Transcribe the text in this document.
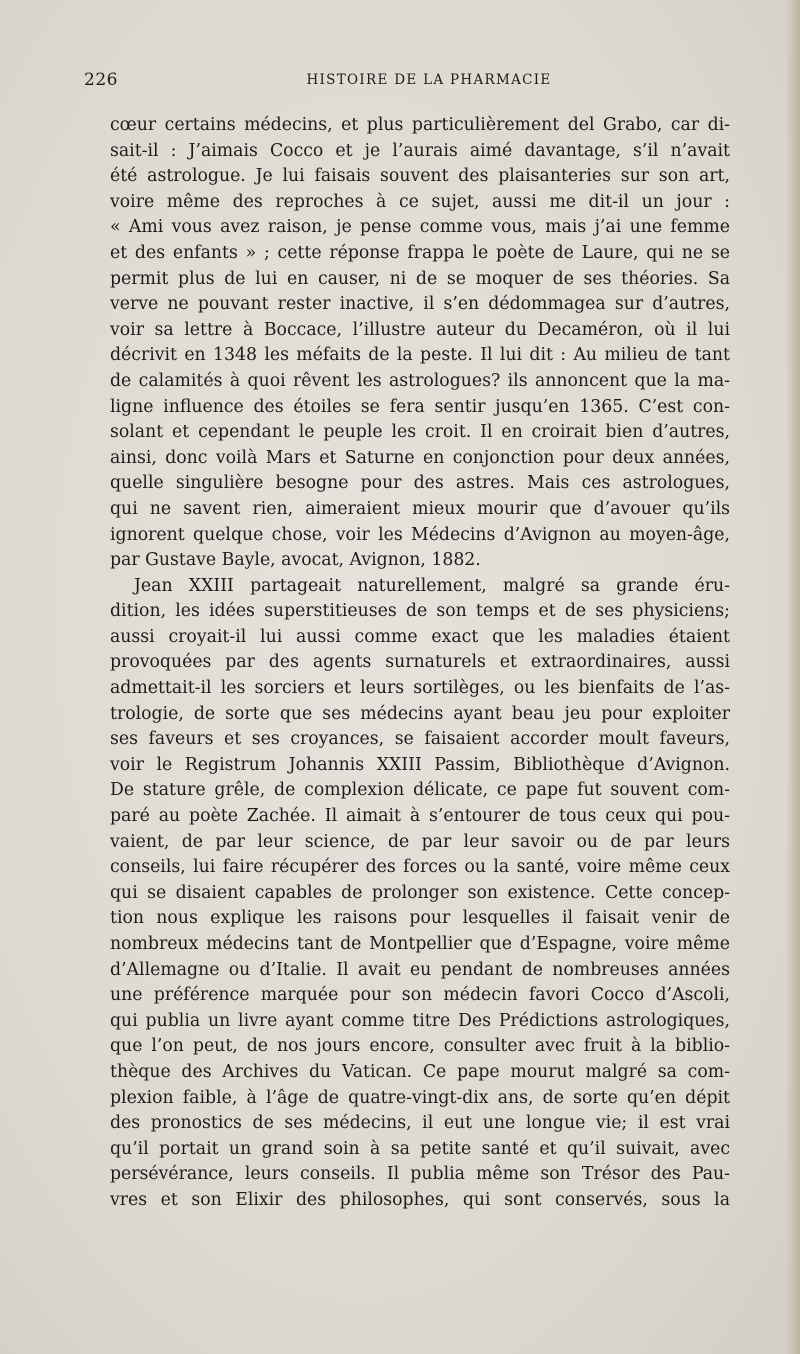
226	HISTOIRE DE LA PHARMACIE
cœur certains médecins, et plus particulièrement del Grabo, car di-
sait-il : J’aimais Cocco et je l’aurais aimé davantage, s’il n’avait
été astrologue. Je lui faisais souvent des plaisanteries sur son art,
voire même des reproches à ce sujet, aussi me dit-il un jour :
« Ami vous avez raison, je pense comme vous, mais j’ai une femme
et des enfants » ; cette réponse frappa le poète de Laure, qui ne se
permit plus de lui en causer, ni de se moquer de ses théories. Sa
verve ne pouvant rester inactive, il s’en dédommagea sur d’autres,
voir sa lettre à Boccace, l’illustre auteur du Decaméron, où il lui
décrivit en 1348 les méfaits de la peste. Il lui dit : Au milieu de tant
de calamités à quoi rêvent les astrologues? ils annoncent que la ma-
ligne influence des étoiles se fera sentir jusqu’en 1365. C’est con-
solant et cependant le peuple les croit. Il en croirait bien d’autres,
ainsi, donc voilà Mars et Saturne en conjonction pour deux années,
quelle singulière besogne pour des astres. Mais ces astrologues,
qui ne savent rien, aimeraient mieux mourir que d’avouer qu’ils
ignorent quelque chose, voir les Médecins d’Avignon au moyen-âge,
par Gustave Bayle, avocat, Avignon, 1882.
Jean XXIII partageait naturellement, malgré sa grande éru-
dition, les idées superstitieuses de son temps et de ses physiciens;
aussi croyait-il lui aussi comme exact que les maladies étaient
provoquées par des agents surnaturels et extraordinaires, aussi
admettait-il les sorciers et leurs sortilèges, ou les bienfaits de l’as-
trologie, de sorte que ses médecins ayant beau jeu pour exploiter
ses faveurs et ses croyances, se faisaient accorder moult faveurs,
voir le Registrum Johannis XXIII Passim, Bibliothèque d’Avignon.
De stature grêle, de complexion délicate, ce pape fut souvent com-
paré au poète Zachée. Il aimait à s’entourer de tous ceux qui pou-
vaient, de par leur science, de par leur savoir ou de par leurs
conseils, lui faire récupérer des forces ou la santé, voire même ceux
qui se disaient capables de prolonger son existence. Cette concep-
tion nous explique les raisons pour lesquelles il faisait venir de
nombreux médecins tant de Montpellier que d’Espagne, voire même
d’Allemagne ou d’Italie. Il avait eu pendant de nombreuses années
une préférence marquée pour son médecin favori Cocco d’Ascoli,
qui publia un livre ayant comme titre Des Prédictions astrologiques,
que l’on peut, de nos jours encore, consulter avec fruit à la biblio-
thèque des Archives du Vatican. Ce pape mourut malgré sa com-
plexion faible, à l’âge de quatre-vingt-dix ans, de sorte qu’en dépit
des pronostics de ses médecins, il eut une longue vie; il est vrai
qu’il portait un grand soin à sa petite santé et qu’il suivait, avec
persévérance, leurs conseils. Il publia même son Trésor des Pau-
vres et son Elixir des philosophes, qui sont conservés, sous la
